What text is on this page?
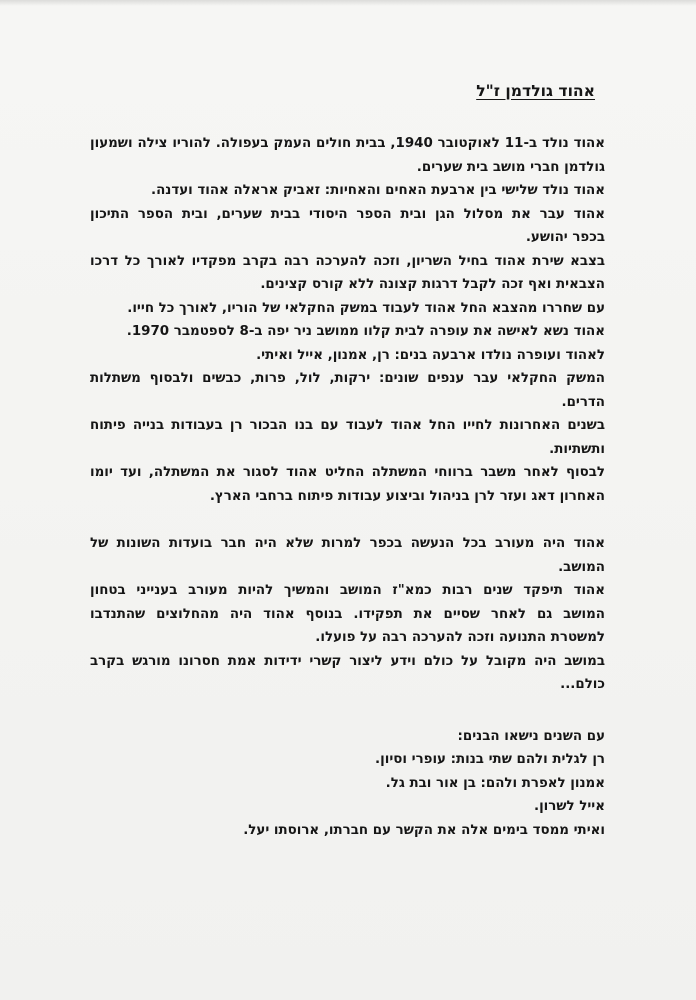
אהוד גולדמן ז"ל
אהוד נולד ב-11 לאוקטובר 1940, בבית חולים העמק בעפולה. להוריו צילה ושמעון
גולדמן חברי מושב בית שערים.
אהוד נולד שלישי בין ארבעת האחים והאחיות: זאביק אראלה אהוד ועדנה.
אהוד עבר את מסלול הגן ובית הספר היסודי בבית שערים, ובית הספר התיכון
בכפר יהושע.
בצבא שירת אהוד בחיל השריון, וזכה להערכה רבה בקרב מפקדיו לאורך כל דרכו
הצבאית ואף זכה לקבל דרגות קצונה ללא קורס קצינים.
עם שחררו מהצבא החל אהוד לעבוד במשק החקלאי של הוריו, לאורך כל חייו.
אהוד נשא לאישה את עופרה לבית קלוו ממושב ניר יפה ב-8 לספטמבר 1970.
לאהוד ועופרה נולדו ארבעה בנים: רן, אמנון, אייל ואיתי.
המשק החקלאי עבר ענפים שונים: ירקות, לול, פרות, כבשים ולבסוף משתלות
הדרים.
בשנים האחרונות לחייו החל אהוד לעבוד עם בנו הבכור רן בעבודות בנייה פיתוח
ותשתיות.
לבסוף לאחר משבר ברווחי המשתלה החליט אהוד לסגור את המשתלה, ועד יומו
האחרון דאג ועזר לרן בניהול וביצוע עבודות פיתוח ברחבי הארץ.
אהוד היה מעורב בכל הנעשה בכפר למרות שלא היה חבר בועדות השונות של
המושב.
אהוד תיפקד שנים רבות כמא"ז המושב והמשיך להיות מעורב בענייני בטחון
המושב גם לאחר שסיים את תפקידו. בנוסף אהוד היה מהחלוצים שהתנדבו
למשטרת התנועה וזכה להערכה רבה על פועלו.
במושב היה מקובל על כולם וידע ליצור קשרי ידידות אמת חסרונו מורגש בקרב
כולם...
עם השנים נישאו הבנים:
רן לגלית ולהם שתי בנות: עופרי וסיון.
אמנון לאפרת ולהם: בן אור ובת גל.
אייל לשרון.
ואיתי ממסד בימים אלה את הקשר עם חברתו, ארוסתו יעל.
